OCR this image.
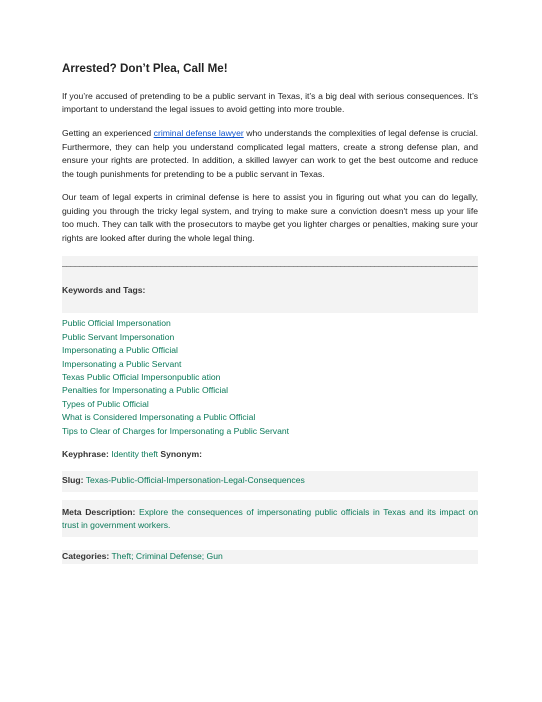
Arrested? Don’t Plea, Call Me!

If you’re accused of pretending to be a public servant in Texas, it’s a big deal with serious consequences. It’s important to understand the legal issues to avoid getting into more trouble.

Getting an experienced criminal defense lawyer who understands the complexities of legal defense is crucial. Furthermore, they can help you understand complicated legal matters, create a strong defense plan, and ensure your rights are protected. In addition, a skilled lawyer can work to get the best outcome and reduce the tough punishments for pretending to be a public servant in Texas.

Our team of legal experts in criminal defense is here to assist you in figuring out what you can do legally, guiding you through the tricky legal system, and trying to make sure a conviction doesn't mess up your life too much. They can talk with the prosecutors to maybe get you lighter charges or penalties, making sure your rights are looked after during the whole legal thing.

_________________________________________________________________________________________________
Keywords and Tags:
Public Official Impersonation
Public Servant Impersonation
Impersonating a Public Official
Impersonating a Public Servant
Texas Public Official Impersonpublic ation
Penalties for Impersonating a Public Official
Types of Public Official
What is Considered Impersonating a Public Official
Tips to Clear of Charges for Impersonating a Public Servant
Keyphrase: Identity theft Synonym:
Slug: Texas-Public-Official-Impersonation-Legal-Consequences
Meta Description: Explore the consequences of impersonating public officials in Texas and its impact on trust in government workers.
Categories: Theft; Criminal Defense; Gun
